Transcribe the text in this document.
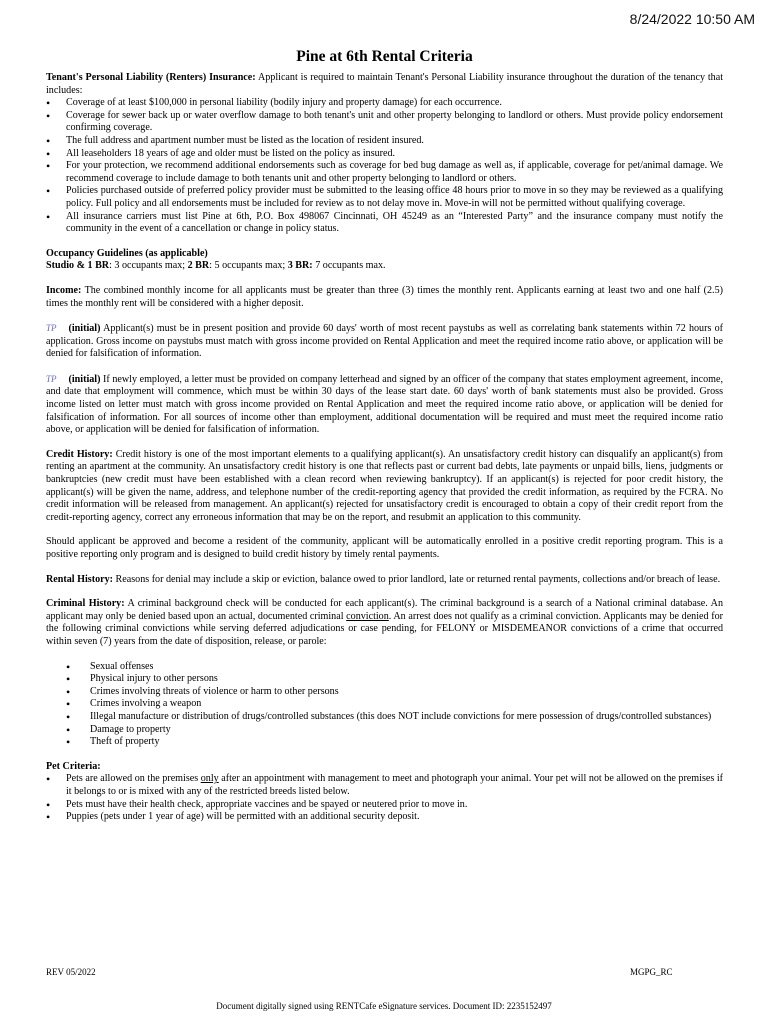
8/24/2022 10:50 AM
Pine at 6th Rental Criteria

Tenant's Personal Liability (Renters) Insurance: Applicant is required to maintain Tenant's Personal Liability insurance throughout the duration of the tenancy that includes:

• Coverage of at least $100,000 in personal liability (bodily injury and property damage) for each occurrence.
• Coverage for sewer back up or water overflow damage to both tenant's unit and other property belonging to landlord or others. Must provide policy endorsement confirming coverage.
• The full address and apartment number must be listed as the location of resident insured.
• All leaseholders 18 years of age and older must be listed on the policy as insured.
• For your protection, we recommend additional endorsements such as coverage for bed bug damage as well as, if applicable, coverage for pet/animal damage. We recommend coverage to include damage to both tenants unit and other property belonging to landlord or others.
• Policies purchased outside of preferred policy provider must be submitted to the leasing office 48 hours prior to move in so they may be reviewed as a qualifying policy. Full policy and all endorsements must be included for review as to not delay move in. Move-in will not be permitted without qualifying coverage.
• All insurance carriers must list Pine at 6th, P.O. Box 498067 Cincinnati, OH 45249 as an “Interested Party” and the insurance company must notify the community in the event of a cancellation or change in policy status.

Occupancy Guidelines (as applicable)

Studio & 1 BR: 3 occupants max; 2 BR: 5 occupants max; 3 BR: 7 occupants max.

Income: The combined monthly income for all applicants must be greater than three (3) times the monthly rent. Applicants earning at least two and one half (2.5) times the monthly rent will be considered with a higher deposit.

TP (initial) Applicant(s) must be in present position and provide 60 days' worth of most recent paystubs as well as correlating bank statements within 72 hours of application. Gross income on paystubs must match with gross income provided on Rental Application and meet the required income ratio above, or application will be denied for falsification of information.

TP (initial) If newly employed, a letter must be provided on company letterhead and signed by an officer of the company that states employment agreement, income, and date that employment will commence, which must be within 30 days of the lease start date. 60 days' worth of bank statements must also be provided. Gross income listed on letter must match with gross income provided on Rental Application and meet the required income ratio above, or application will be denied for falsification of information. For all sources of income other than employment, additional documentation will be required and must meet the required income ratio above, or application will be denied for falsification of information.

Credit History: Credit history is one of the most important elements to a qualifying applicant(s). An unsatisfactory credit history can disqualify an applicant(s) from renting an apartment at the community. An unsatisfactory credit history is one that reflects past or current bad debts, late payments or unpaid bills, liens, judgments or bankruptcies (new credit must have been established with a clean record when reviewing bankruptcy). If an applicant(s) is rejected for poor credit history, the applicant(s) will be given the name, address, and telephone number of the credit-reporting agency that provided the credit information, as required by the FCRA. No credit information will be released from management. An applicant(s) rejected for unsatisfactory credit is encouraged to obtain a copy of their credit report from the credit-reporting agency, correct any erroneous information that may be on the report, and resubmit an application to this community.

Should applicant be approved and become a resident of the community, applicant will be automatically enrolled in a positive credit reporting program. This is a positive reporting only program and is designed to build credit history by timely rental payments.

Rental History: Reasons for denial may include a skip or eviction, balance owed to prior landlord, late or returned rental payments, collections and/or breach of lease.

Criminal History: A criminal background check will be conducted for each applicant(s). The criminal background is a search of a National criminal database. An applicant may only be denied based upon an actual, documented criminal conviction. An arrest does not qualify as a criminal conviction. Applicants may be denied for the following criminal convictions while serving deferred adjudications or case pending, for FELONY or MISDEMEANOR convictions of a crime that occurred within seven (7) years from the date of disposition, release, or parole:

• Sexual offenses
• Physical injury to other persons
• Crimes involving threats of violence or harm to other persons
• Crimes involving a weapon
• Illegal manufacture or distribution of drugs/controlled substances (this does NOT include convictions for mere possession of drugs/controlled substances)
• Damage to property
• Theft of property

Pet Criteria:

• Pets are allowed on the premises only after an appointment with management to meet and photograph your animal. Your pet will not be allowed on the premises if it belongs to or is mixed with any of the restricted breeds listed below.
• Pets must have their health check, appropriate vaccines and be spayed or neutered prior to move in.
• Puppies (pets under 1 year of age) will be permitted with an additional security deposit.
REV 05/2022	MGPG_RC
Document digitally signed using RENTCafe eSignature services. Document ID: 2235152497
